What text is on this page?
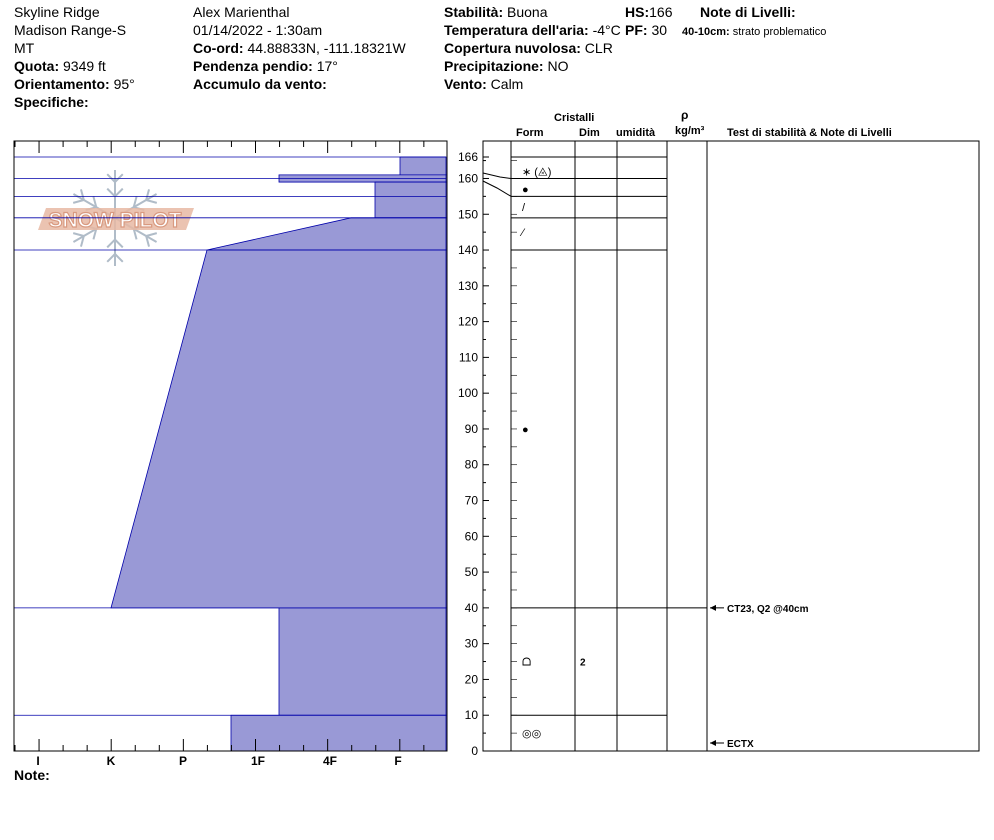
Skyline Ridge
Madison Range-S
MT
Quota: 9349 ft
Orientamento: 95°
Specifiche:
Alex Marienthal
01/14/2022 - 1:30am
Co-ord: 44.88833N, -111.18321W
Pendenza pendio: 17°
Accumulo da vento:
Stabilità: Buona
Temperatura dell'aria: -4°C
Copertura nuvolosa: CLR
Precipitazione: NO
Vento: Calm
HS:166
PF: 30
Note di Livelli:
40-10cm: strato problematico
Cristalli
Form	Dim umidità
ρ
kg/m³ Test di stabilità & Note di Livelli
SNOW PILOT
I	K	P	1F	4F	F
166
160
150
140
130
120
110
100
90
80
70
60
50
40
30
20
10
0
∗ (⨻)
●
/
⁄
●
ᗝ	2
◎◎
CT23, Q2 @40cm
ECTX
Note:
